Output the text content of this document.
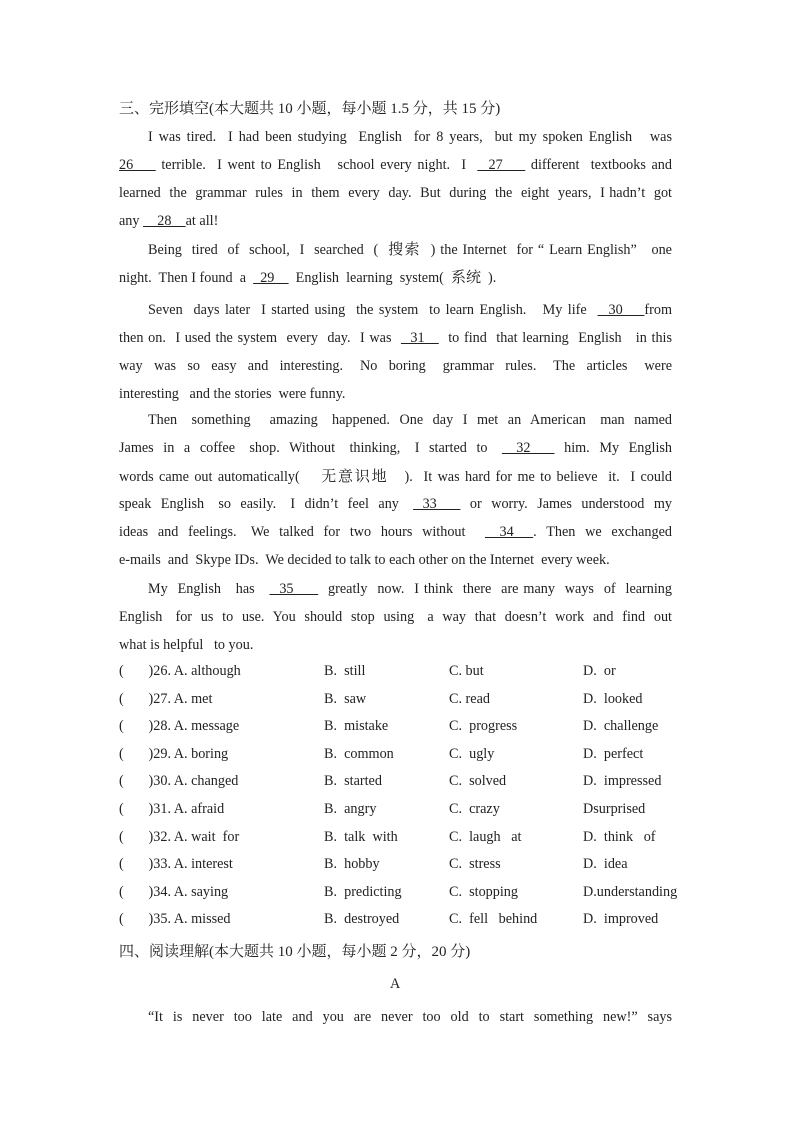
三、完形填空(本大题共 10 小题，每小题 1.5 分，共 15 分)
I was tired.  I had been studying  English  for 8 years,  but my spoken English   was
26     terrible.  I went to English   school every night.  I    27     different  textbooks and
learned  the  grammar  rules  in  them  every  day.  But  during  the  eight  years,  I hadn’t  got
any     28    at all!
Being  tired  of  school,  I  searched  (  搜索  ) the Internet  for “ Learn English”   one
night.  Then I found  a    29      English  learning  system(  系统  ).
Seven  days later  I started using  the system  to learn English.   My life    30    from
then on.  I used the system  every  day.  I was    31     to find  that learning  English   in this
way  was  so  easy  and  interesting.   No  boring   grammar  rules.   The  articles   were
interesting   and the stories  were funny.
Then   something    amazing   happened.  One  day  I  met  an  American   man  named
James  in  a  coffee   shop.  Without   thinking,   I  started  to      32       him.  My  English
words came out automatically(    无意识地   ).  It was hard for me to believe  it.  I could
speak  English   so  easily.   I  didn’t  feel  any     33       or  worry.  James  understood  my
ideas  and  feelings.   We  talked  for  two  hours  without       34    .  Then  we  exchanged
e-mails  and  Skype IDs.  We decided to talk to each other on the Internet  every week.
My  English   has     35       greatly  now.  I think  there  are many  ways  of  learning
English   for  us  to  use.  You  should  stop  using   a  way  that  doesn’t  work  and  find  out
what is helpful   to you.
(       )26. A. although	B.  still	C. but	D.  or
(       )27. A. met	B.  saw	C. read	D.  looked
(       )28. A. message	B.  mistake	C.  progress	D.  challenge
(       )29. A. boring	B.  common	C.  ugly	D.  perfect
(       )30. A. changed	B.  started	C.  solved	D.  impressed
(       )31. A. afraid	B.  angry	C.  crazy	Dsurprised
(       )32. A. wait  for	B.  talk  with	C.  laugh   at	D.  think   of
(       )33. A. interest	B.  hobby	C.  stress	D.  idea
(       )34. A. saying	B.  predicting	C.  stopping	D.understanding
(       )35. A. missed	B.  destroyed	C.  fell   behind	D.  improved
四、阅读理解(本大题共 10 小题，每小题 2 分，20 分)
A
“It is never too late and you are never too old to start something new!” says
